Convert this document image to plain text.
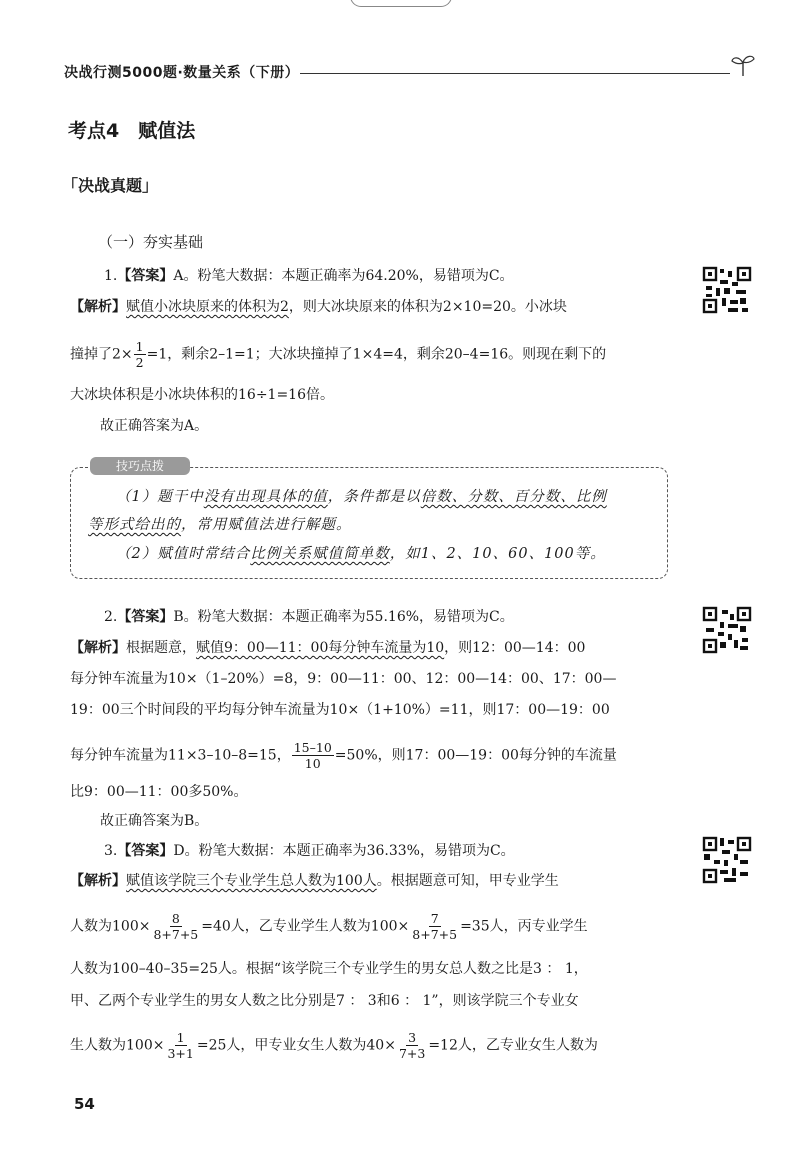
决战行测5000题·数量关系（下册）
考点4　赋值法
「决战真题」
（一）夯实基础
1.【答案】A。粉笔大数据：本题正确率为64.20%，易错项为C。
【解析】赋值小冰块原来的体积为2，则大冰块原来的体积为2×10=20。小冰块
撞掉了$2\times \frac{1}{2} =1$，剩余2–1=1；大冰块撞掉了1×4=4，剩余20–4=16。则现在剩下的
大冰块体积是小冰块体积的16÷1=16倍。
故正确答案为A。
技巧点拨
（1）题干中没有出现具体的值，条件都是以倍数、分数、百分数、比例
等形式给出的，常用赋值法进行解题。
（2）赋值时常结合比例关系赋值简单数，如1、2、10、60、100等。
2.【答案】B。粉笔大数据：本题正确率为55.16%，易错项为C。
【解析】根据题意，赋值9：00—11：00每分钟车流量为10，则12：00—14：00
每分钟车流量为10×（1–20%）=8，9：00—11：00、12：00—14：00、17：00—
19：00三个时间段的平均每分钟车流量为10×（1+10%）=11，则17：00—19：00
每分钟车流量为11×3–10–8=15， $\frac{15-10}{10} =50\%$，则17：00—19：00每分钟的车流量
比9：00—11：00多50%。
故正确答案为B。
3.【答案】D。粉笔大数据：本题正确率为36.33%，易错项为C。
【解析】赋值该学院三个专业学生总人数为100人。根据题意可知，甲专业学生
人数为$100\times \frac{8}{8+7+5} =40$人，乙专业学生人数为$100\times \frac{7}{8+7+5} =35$人，丙专业学生
人数为100–40–35=25人。根据“该学院三个专业学生的男女总人数之比是3 ： 1，
甲、乙两个专业学生的男女人数之比分别是7 ： 3和6 ： 1”，则该学院三个专业女
生人数为$100\times \frac{1}{3+1} =25$人，甲专业女生人数为$40\times \frac{3}{7+3} =12$人，乙专业女生人数为
54
